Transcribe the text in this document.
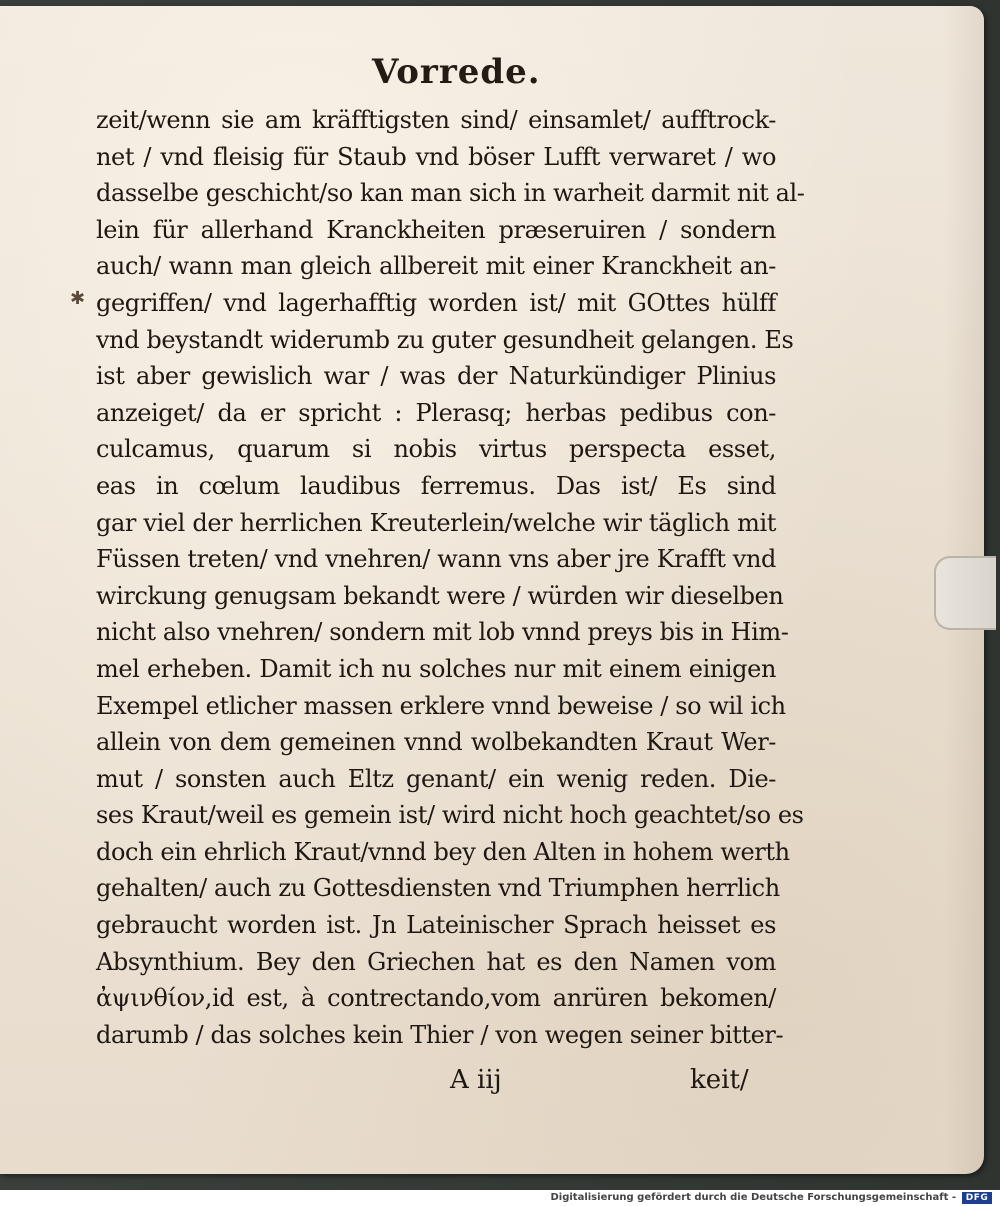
✱
Vorrede.
zeit/wenn sie am kräfftigsten sind/ einsamlet/ aufftrock-
net / vnd fleisig für Staub vnd böser Lufft verwaret / wo
dasselbe geschicht/so kan man sich in warheit darmit nit al-
lein für allerhand Kranckheiten præseruiren / sondern
auch/ wann man gleich allbereit mit einer Kranckheit an-
gegriffen/ vnd lagerhafftig worden ist/ mit GOttes hülff
vnd beystandt widerumb zu guter gesundheit gelangen. Es
ist aber gewislich war / was der Naturkündiger Plinius
anzeiget/ da er spricht : Plerasq; herbas pedibus con-
culcamus, quarum si nobis virtus perspecta esset,
eas in cœlum laudibus ferremus. Das ist/ Es sind
gar viel der herrlichen Kreuterlein/welche wir täglich mit
Füssen treten/ vnd vnehren/ wann vns aber jre Krafft vnd
wirckung genugsam bekandt were / würden wir dieselben
nicht also vnehren/ sondern mit lob vnnd preys bis in Him-
mel erheben. Damit ich nu solches nur mit einem einigen
Exempel etlicher massen erklere vnnd beweise / so wil ich
allein von dem gemeinen vnnd wolbekandten Kraut Wer-
mut / sonsten auch Eltz genant/ ein wenig reden. Die-
ses Kraut/weil es gemein ist/ wird nicht hoch geachtet/so es
doch ein ehrlich Kraut/vnnd bey den Alten in hohem werth
gehalten/ auch zu Gottesdiensten vnd Triumphen herrlich
gebraucht worden ist. Jn Lateinischer Sprach heisset es
Absynthium. Bey den Griechen hat es den Namen vom
ἀψινθίον,id est, à contrectando,vom anrüren bekomen/
darumb / das solches kein Thier / von wegen seiner bitter-
A iij	keit/
Digitalisierung gefördert durch die Deutsche Forschungsgemeinschaft -	DFG
